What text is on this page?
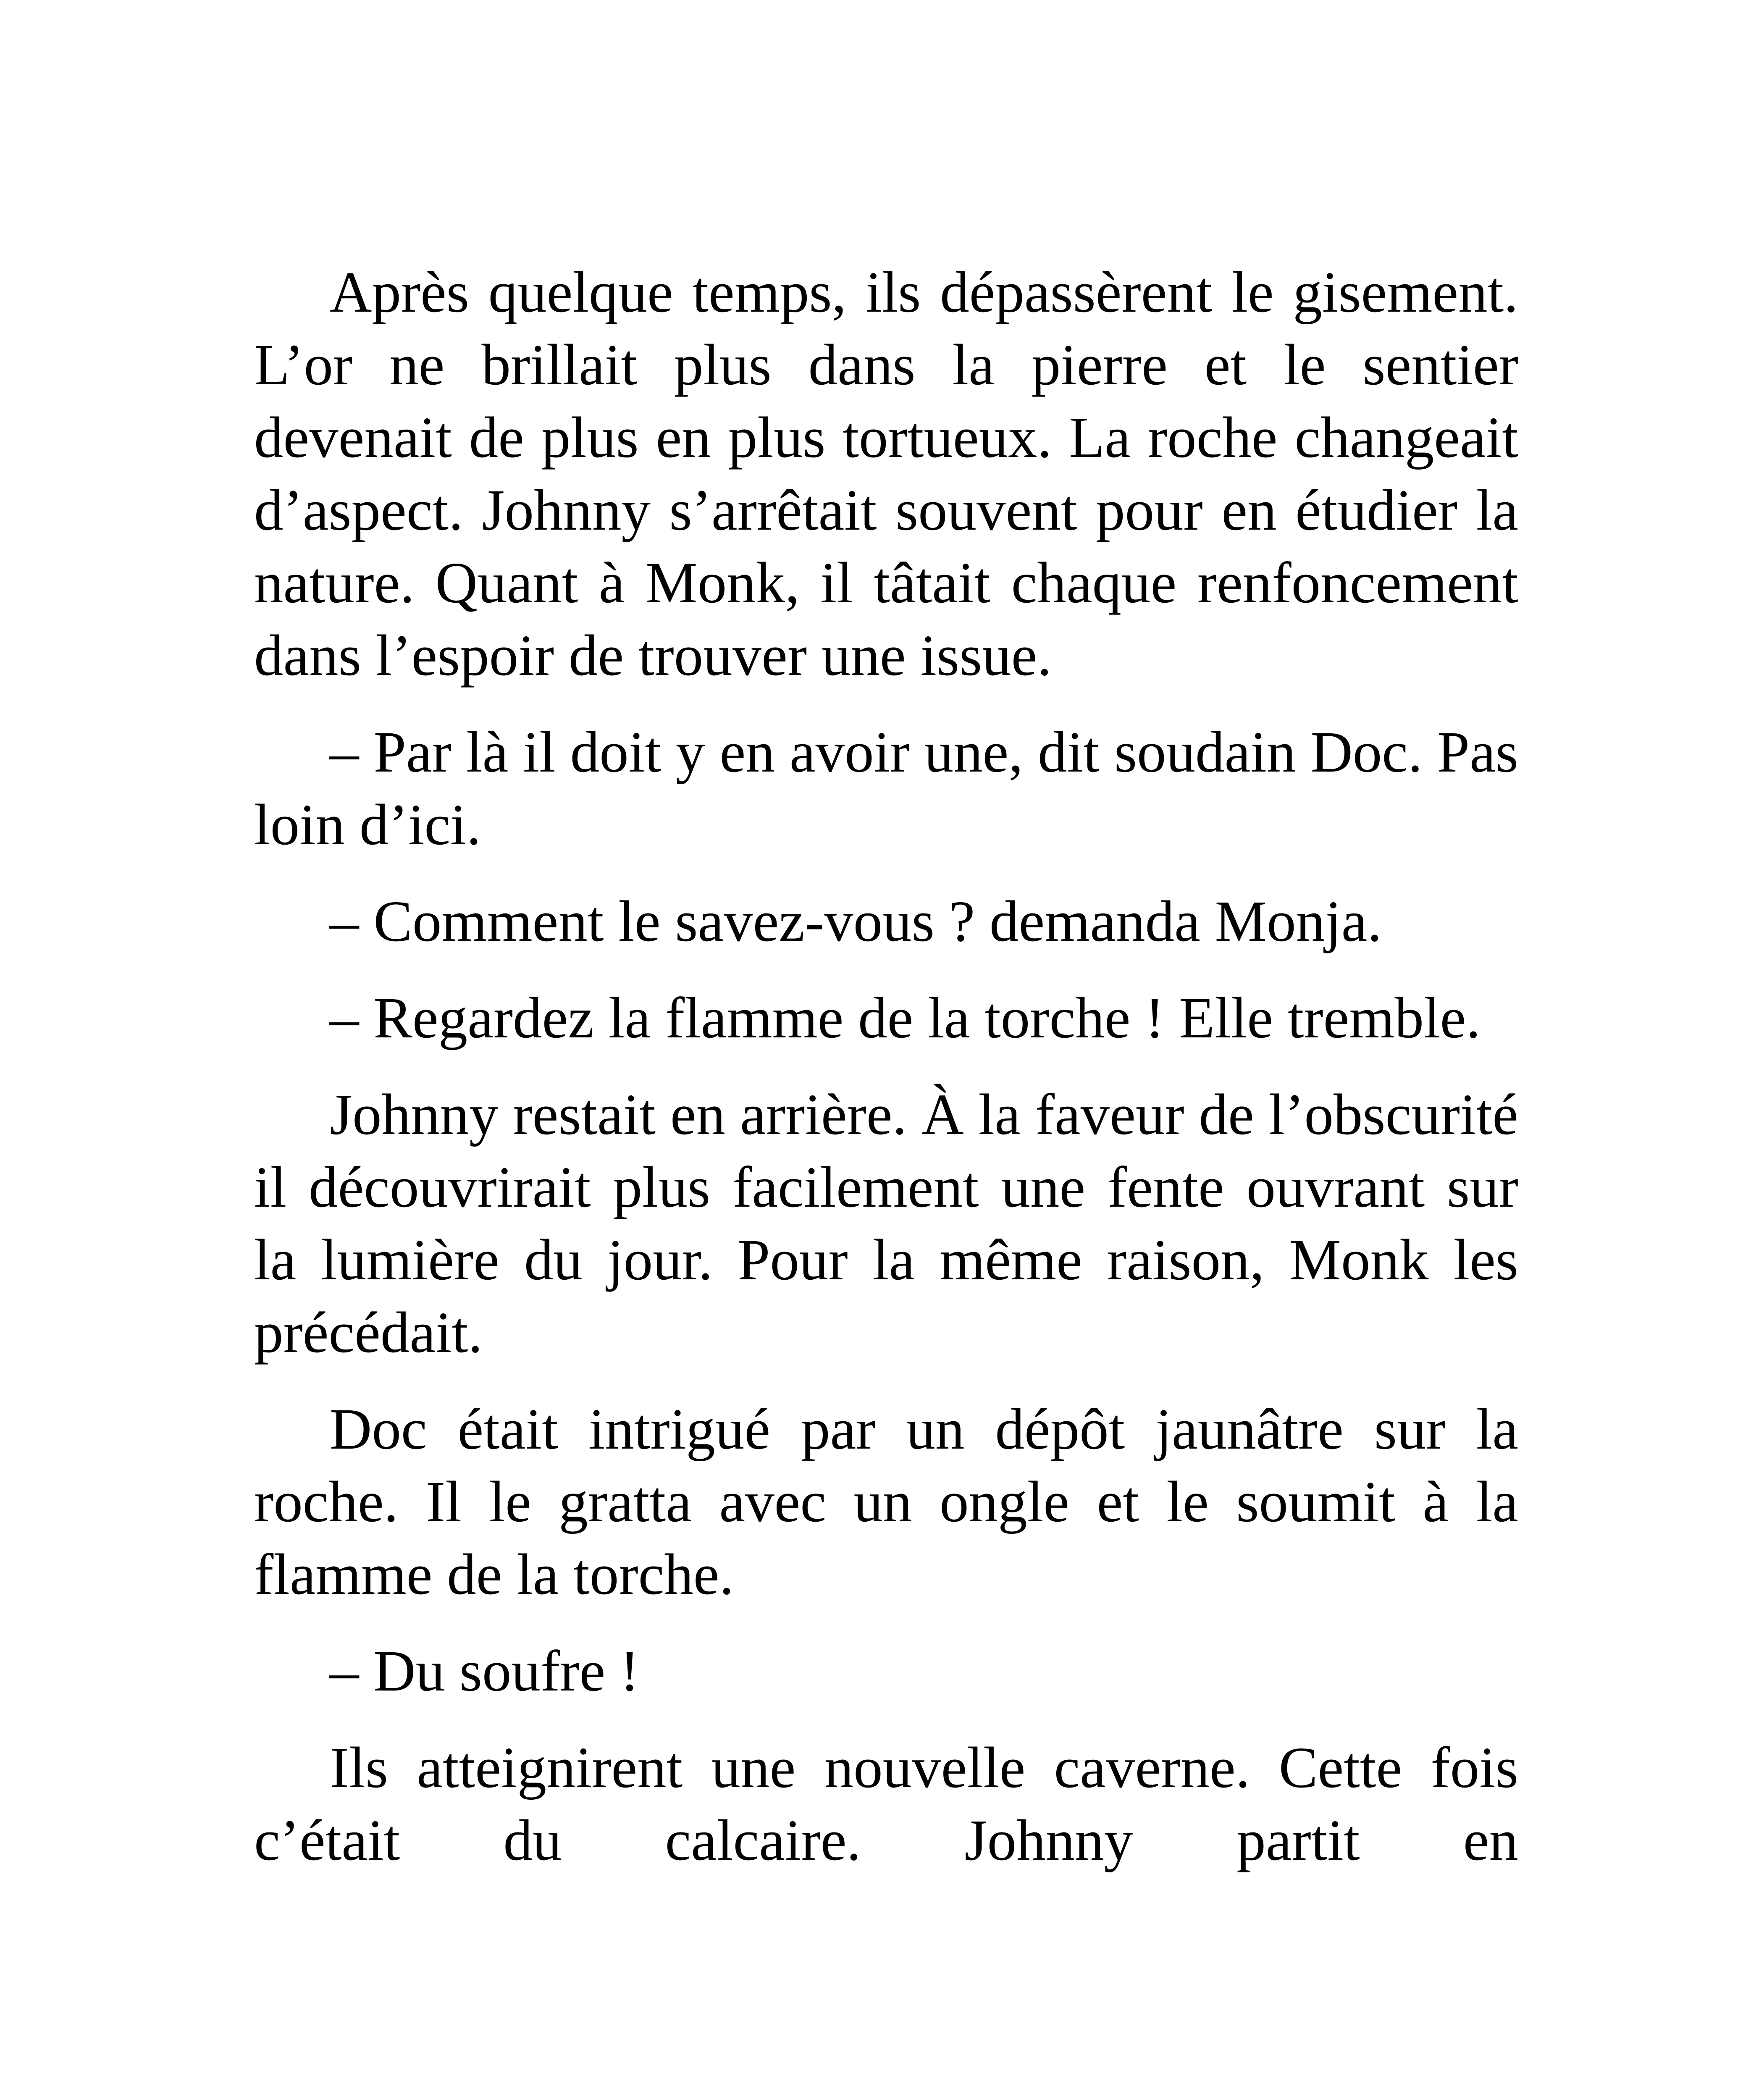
Après quelque temps, ils dépassèrent le gisement. L’or ne brillait plus dans la pierre et le sentier devenait de plus en plus tortueux. La roche changeait d’aspect. Johnny s’arrêtait souvent pour en étudier la nature. Quant à Monk, il tâtait chaque renfoncement dans l’espoir de trouver une issue.

– Par là il doit y en avoir une, dit soudain Doc. Pas loin d’ici.

– Comment le savez-vous ? demanda Monja.

– Regardez la flamme de la torche ! Elle tremble.

Johnny restait en arrière. À la faveur de l’obscurité il découvrirait plus facilement une fente ouvrant sur la lumière du jour. Pour la même raison, Monk les précédait.

Doc était intrigué par un dépôt jaunâtre sur la roche. Il le gratta avec un ongle et le soumit à la flamme de la torche.

– Du soufre !

Ils atteignirent une nouvelle caverne. Cette fois c’était du calcaire. Johnny partit en
